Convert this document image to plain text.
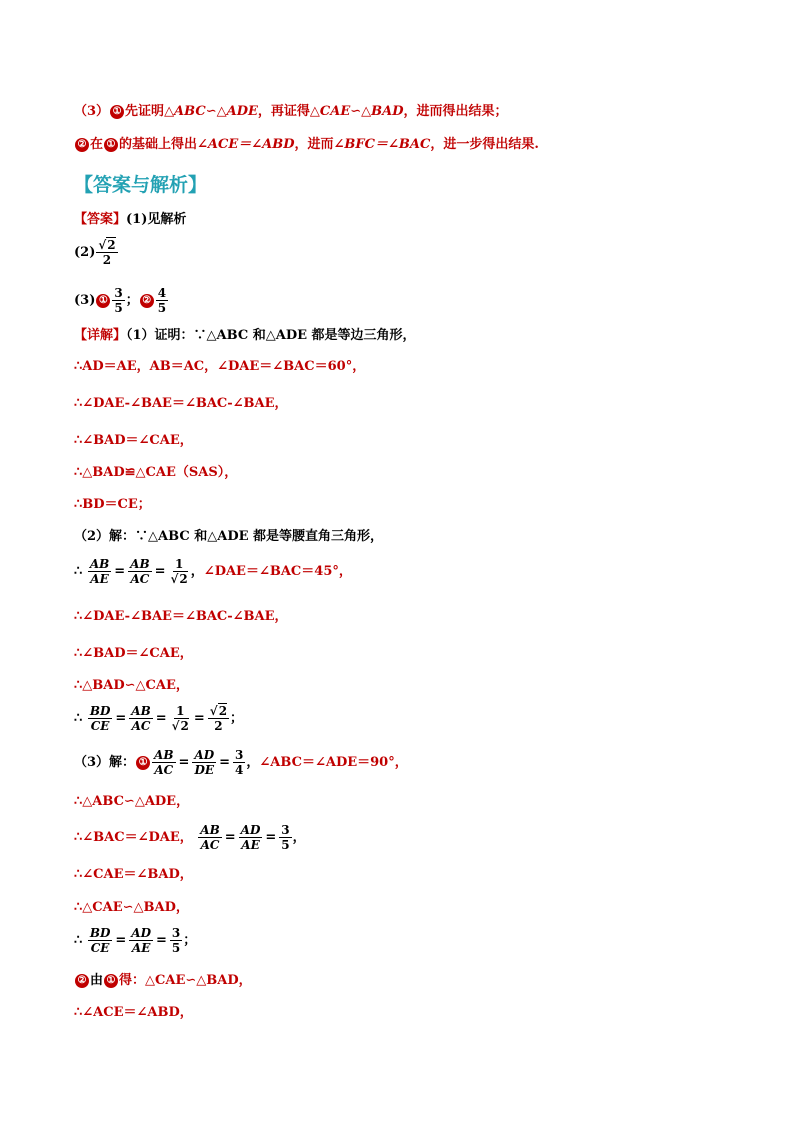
（3） ① 先证明△ABC∽△ADE，再证得△CAE∽△BAD，进而得出结果；
② 在 ① 的基础上得出∠ACE＝∠ABD，进而∠BFC＝∠BAC，进一步得出结果.
【答案与解析】
【答案】(1)见解析
$(2) \frac{√2}{2}$
(3) ① $\frac{3}{5}$ ； ② $\frac{4}{5}$
【详解】（1）证明：∵△ABC 和△ADE 都是等边三角形，
∴AD＝AE，AB＝AC，∠DAE＝∠BAC＝60°，
∴∠DAE-∠BAE＝∠BAC-∠BAE，
∴∠BAD＝∠CAE，
∴△BAD≌△CAE（SAS），
∴BD＝CE；
（2）解：∵△ABC 和△ADE 都是等腰直角三角形，
∴ $\frac{AB}{AE} = \frac{AB}{AC} = \frac{1}{√2}$ ，∠DAE＝∠BAC＝45°，
∴∠DAE-∠BAE＝∠BAC-∠BAE，
∴∠BAD＝∠CAE，
∴△BAD∽△CAE，
∴ $\frac{BD}{CE} = \frac{AB}{AC} = \frac{1}{√2} = \frac{√2}{2}$ ；
（3）解： ① $\frac{AB}{AC} = \frac{AD}{DE} = \frac{3}{4}$ ，∠ABC＝∠ADE＝90°，
∴△ABC∽△ADE，
∴∠BAC＝∠DAE， $\frac{AB}{AC} = \frac{AD}{AE} = \frac{3}{5}$ ，
∴∠CAE＝∠BAD，
∴△CAE∽△BAD，
∴ $\frac{BD}{CE} = \frac{AD}{AE} = \frac{3}{5}$ ；
② 由 ① 得：△CAE∽△BAD，
∴∠ACE＝∠ABD，
